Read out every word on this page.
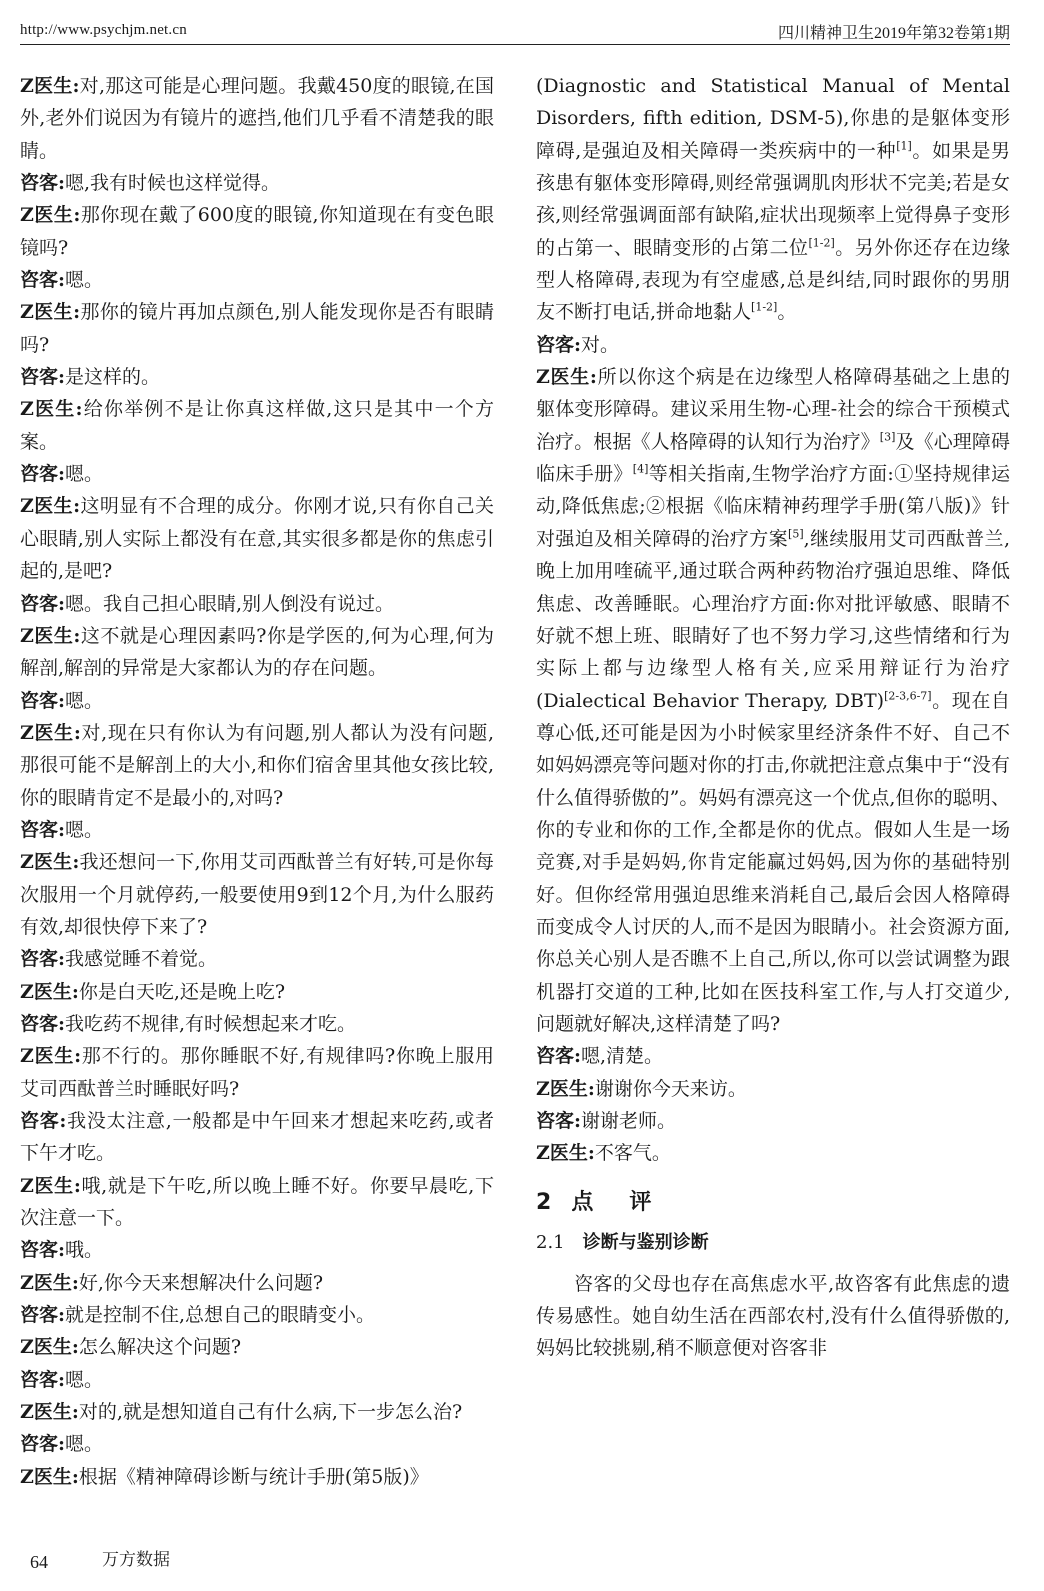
http://www.psychjm.net.cn	四川精神卫生2019年第32卷第1期

Z医生:对,那这可能是心理问题。我戴450度的眼镜,在国外,老外们说因为有镜片的遮挡,他们几乎看不清楚我的眼睛。

咨客:嗯,我有时候也这样觉得。

Z医生:那你现在戴了600度的眼镜,你知道现在有变色眼镜吗?

咨客:嗯。

Z医生:那你的镜片再加点颜色,别人能发现你是否有眼睛吗?

咨客:是这样的。

Z医生:给你举例不是让你真这样做,这只是其中一个方案。

咨客:嗯。

Z医生:这明显有不合理的成分。你刚才说,只有你自己关心眼睛,别人实际上都没有在意,其实很多都是你的焦虑引起的,是吧?

咨客:嗯。我自己担心眼睛,别人倒没有说过。

Z医生:这不就是心理因素吗?你是学医的,何为心理,何为解剖,解剖的异常是大家都认为的存在问题。

咨客:嗯。

Z医生:对,现在只有你认为有问题,别人都认为没有问题,那很可能不是解剖上的大小,和你们宿舍里其他女孩比较,你的眼睛肯定不是最小的,对吗?

咨客:嗯。

Z医生:我还想问一下,你用艾司西酞普兰有好转,可是你每次服用一个月就停药,一般要使用9到12个月,为什么服药有效,却很快停下来了?

咨客:我感觉睡不着觉。

Z医生:你是白天吃,还是晚上吃?

咨客:我吃药不规律,有时候想起来才吃。

Z医生:那不行的。那你睡眠不好,有规律吗?你晚上服用艾司西酞普兰时睡眠好吗?

咨客:我没太注意,一般都是中午回来才想起来吃药,或者下午才吃。

Z医生:哦,就是下午吃,所以晚上睡不好。你要早晨吃,下次注意一下。

咨客:哦。

Z医生:好,你今天来想解决什么问题?

咨客:就是控制不住,总想自己的眼睛变小。

Z医生:怎么解决这个问题?

咨客:嗯。

Z医生:对的,就是想知道自己有什么病,下一步怎么治?

咨客:嗯。

Z医生:根据《精神障碍诊断与统计手册(第5版)》

(Diagnostic and Statistical Manual of Mental Disorders, fifth edition, DSM-5),你患的是躯体变形障碍,是强迫及相关障碍一类疾病中的一种[1]。如果是男孩患有躯体变形障碍,则经常强调肌肉形状不完美;若是女孩,则经常强调面部有缺陷,症状出现频率上觉得鼻子变形的占第一、眼睛变形的占第二位[1-2]。另外你还存在边缘型人格障碍,表现为有空虚感,总是纠结,同时跟你的男朋友不断打电话,拼命地黏人[1-2]。

咨客:对。

Z医生:所以你这个病是在边缘型人格障碍基础之上患的躯体变形障碍。建议采用生物-心理-社会的综合干预模式治疗。根据《人格障碍的认知行为治疗》[3]及《心理障碍临床手册》[4]等相关指南,生物学治疗方面:①坚持规律运动,降低焦虑;②根据《临床精神药理学手册(第八版)》针对强迫及相关障碍的治疗方案[5],继续服用艾司西酞普兰,晚上加用喹硫平,通过联合两种药物治疗强迫思维、降低焦虑、改善睡眠。心理治疗方面:你对批评敏感、眼睛不好就不想上班、眼睛好了也不努力学习,这些情绪和行为实际上都与边缘型人格有关,应采用辩证行为治疗(Dialectical Behavior Therapy, DBT)[2-3,6-7]。现在自尊心低,还可能是因为小时候家里经济条件不好、自己不如妈妈漂亮等问题对你的打击,你就把注意点集中于“没有什么值得骄傲的”。妈妈有漂亮这一个优点,但你的聪明、你的专业和你的工作,全都是你的优点。假如人生是一场竞赛,对手是妈妈,你肯定能赢过妈妈,因为你的基础特别好。但你经常用强迫思维来消耗自己,最后会因人格障碍而变成令人讨厌的人,而不是因为眼睛小。社会资源方面,你总关心别人是否瞧不上自己,所以,你可以尝试调整为跟机器打交道的工种,比如在医技科室工作,与人打交道少,问题就好解决,这样清楚了吗?

咨客:嗯,清楚。

Z医生:谢谢你今天来访。

咨客:谢谢老师。

Z医生:不客气。

2 点 评
2.1 诊断与鉴别诊断

咨客的父母也存在高焦虑水平,故咨客有此焦虑的遗传易感性。她自幼生活在西部农村,没有什么值得骄傲的,妈妈比较挑剔,稍不顺意便对咨客非

64	万方数据
